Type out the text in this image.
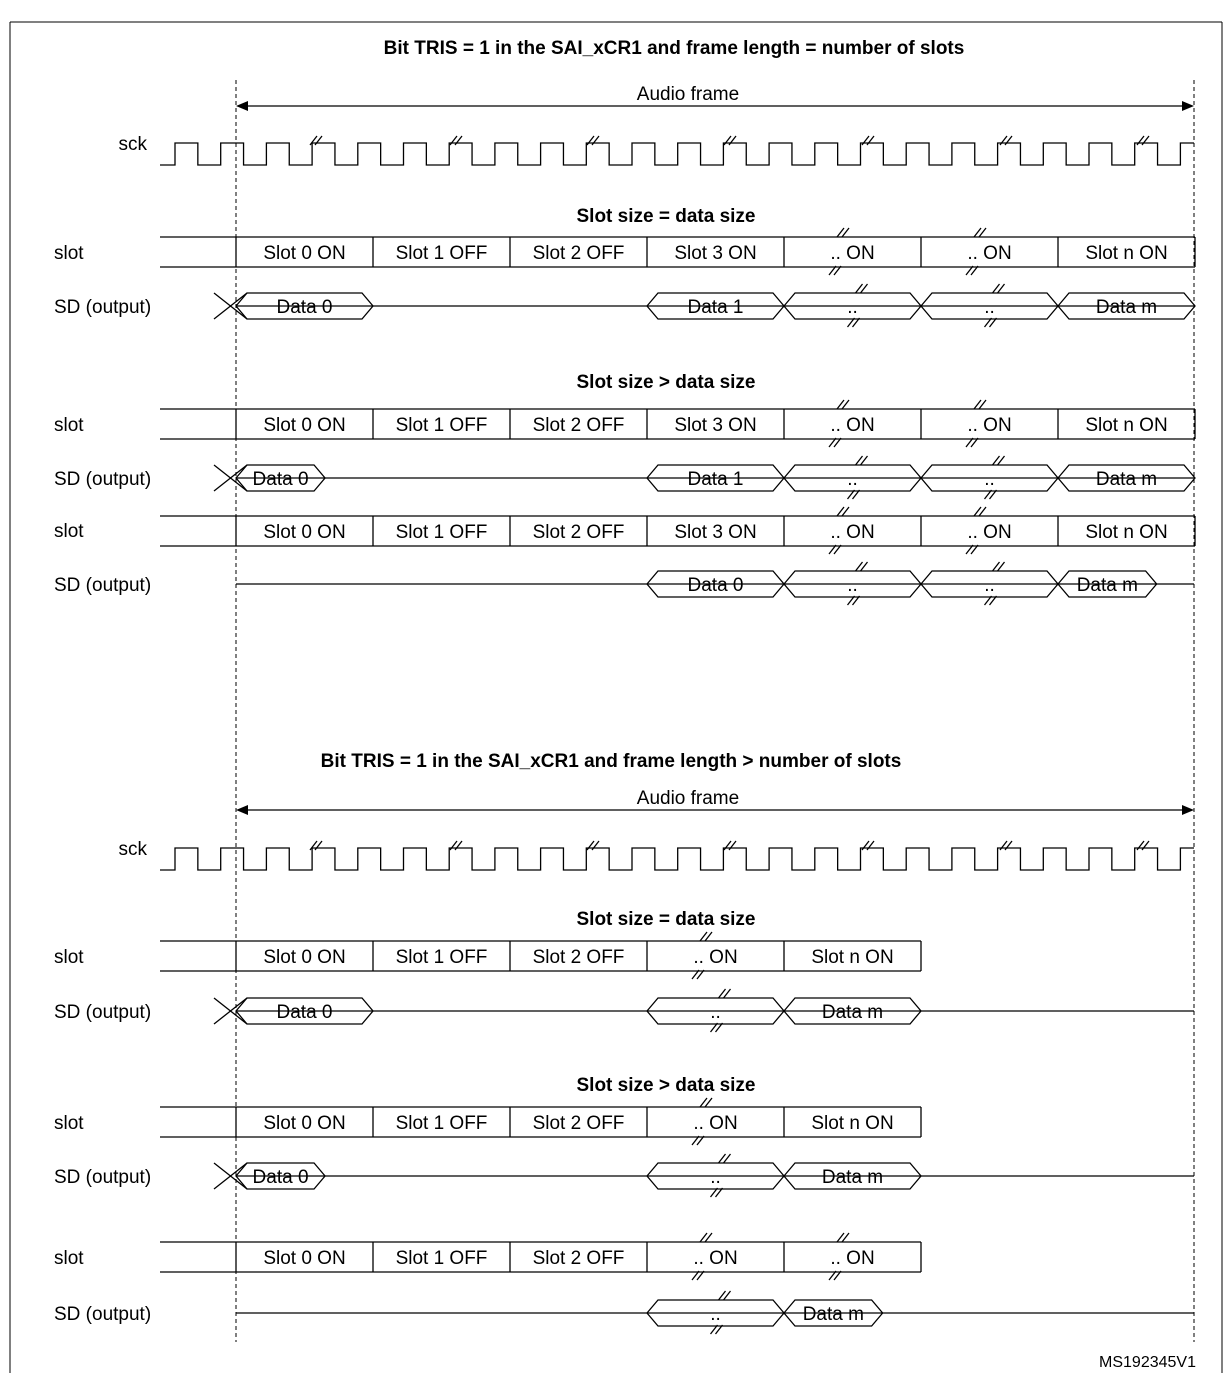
Bit TRIS = 1 in the SAI_xCR1 and frame length = number of slots
Audio frame
sck
Slot size = data size
slot	Slot 0 ON	Slot 1 OFF Slot 2 OFF	Slot 3 ON	.. ON	.. ON	Slot n ON
SD (output)	Data 0	Data 1	..	..	Data m
Slot size > data size
slot	Slot 0 ON	Slot 1 OFF Slot 2 OFF	Slot 3 ON	.. ON	.. ON	Slot n ON
SD (output)	Data 0	Data 1	..	..	Data m
slot	Slot 0 ON	Slot 1 OFF Slot 2 OFF	Slot 3 ON	.. ON	.. ON	Slot n ON
SD (output)	Data 0	..	..	Data m
Bit TRIS = 1 in the SAI_xCR1 and frame length > number of slots
Audio frame
sck
Slot size = data size
slot	Slot 0 ON	Slot 1 OFF Slot 2 OFF	.. ON	Slot n ON
SD (output)	Data 0	..	Data m
Slot size > data size
slot	Slot 0 ON	Slot 1 OFF Slot 2 OFF	.. ON	Slot n ON
SD (output)	Data 0	..	Data m
slot	Slot 0 ON	Slot 1 OFF Slot 2 OFF	.. ON	.. ON
SD (output)	..	Data m
MS192345V1
